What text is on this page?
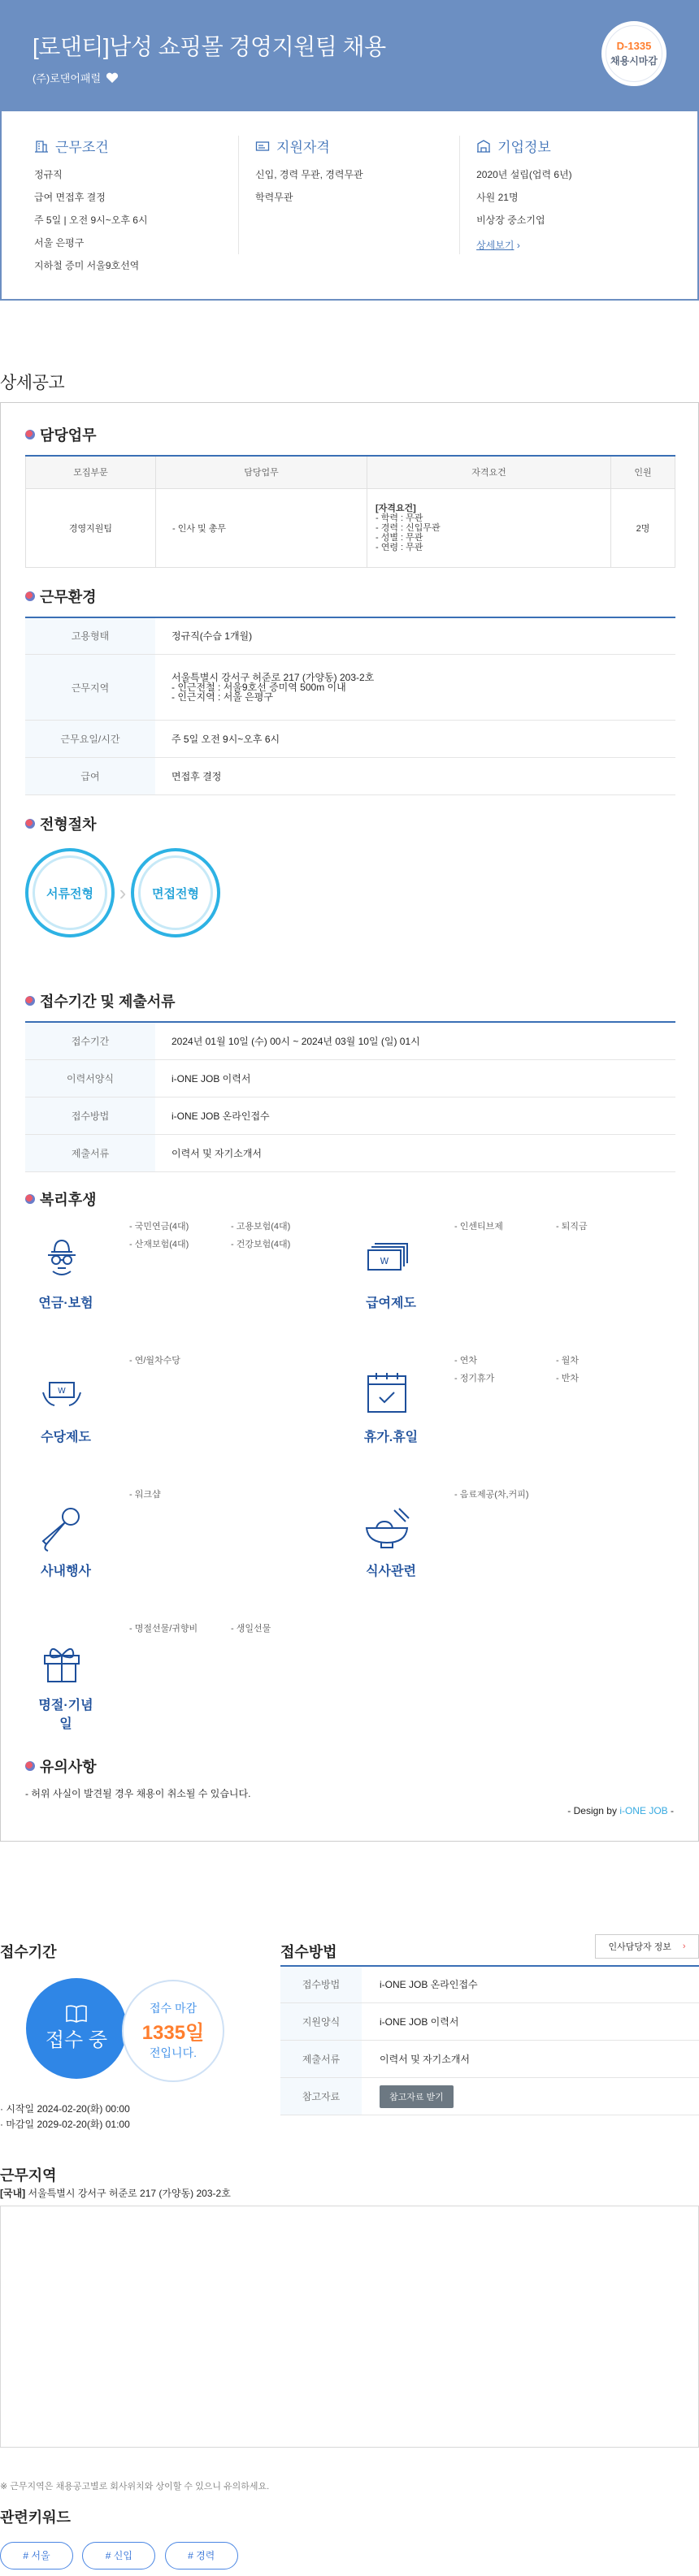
[로댄티]남성 쇼핑몰 경영지원팀 채용
(주)로댄어패럴
D-1335
채용시마감
근무조건

정규직

급여 면접후 결정

주 5일 | 오전 9시~오후 6시

서울 은평구

지하철 증미 서울9호선역

지원자격

신입, 경력 무관, 경력무관

학력무관

기업정보

2020년 설립(업력 6년)

사원 21명

비상장 중소기업

상세보기 ›

상세공고
담당업무
모집부문	담당업무	자격요건	인원
경영지원팀	- 인사 및 총무	[자격요건]
- 학력 : 무관
- 경력 : 신입무관
- 성별 : 무관
- 연령 : 무관	2명
근무환경
고용형태	정규직(수습 1개월)
근무지역	서울특별시 강서구 허준로 217 (가양동) 203-2호
- 인근전철 : 서울9호선 증미역 500m 이내
- 인근지역 : 서울 은평구

근무요일/시간	주 5일 오전 9시~오후 6시
급여	면접후 결정
전형절차
서류전형	›	면접전형
접수기간 및 제출서류
접수기간	2024년 01월 10일 (수) 00시 ~ 2024년 03월 10일 (일) 01시
이력서양식	i-ONE JOB 이력서
접수방법	i-ONE JOB 온라인접수
제출서류	이력서 및 자기소개서
복리후생
연금·보험
- 국민연금(4대)	- 고용보험(4대)
- 산재보험(4대)	- 건강보험(4대)
W
급여제도
- 인센티브제	- 퇴직금
W
수당제도
- 연/월차수당
휴가.휴일
- 연차	- 월차
- 정기휴가	- 반차
사내행사
- 워크샵
식사관련
- 음료제공(차,커피)
명절·기념일
- 명절선물/귀향비	- 생일선물
유의사항
- 허위 사실이 발견될 경우 채용이 취소될 수 있습니다.
- Design by i-ONE JOB -
접수기간
접수 중
접수 마감
1335일
전입니다.
· 시작일 2024-02-20(화) 00:00
· 마감일 2029-02-20(화) 01:00
접수방법	인사담당자 정보 ›
접수방법	i-ONE JOB 온라인접수
지원양식	i-ONE JOB 이력서
제출서류	이력서 및 자기소개서
참고자료	참고자료 받기
근무지역
[국내] 서울특별시 강서구 허준로 217 (가양동) 203-2호
※ 근무지역은 채용공고별로 회사위치와 상이할 수 있으니 유의하세요.
관련키워드
# 서울	# 신입	# 경력
